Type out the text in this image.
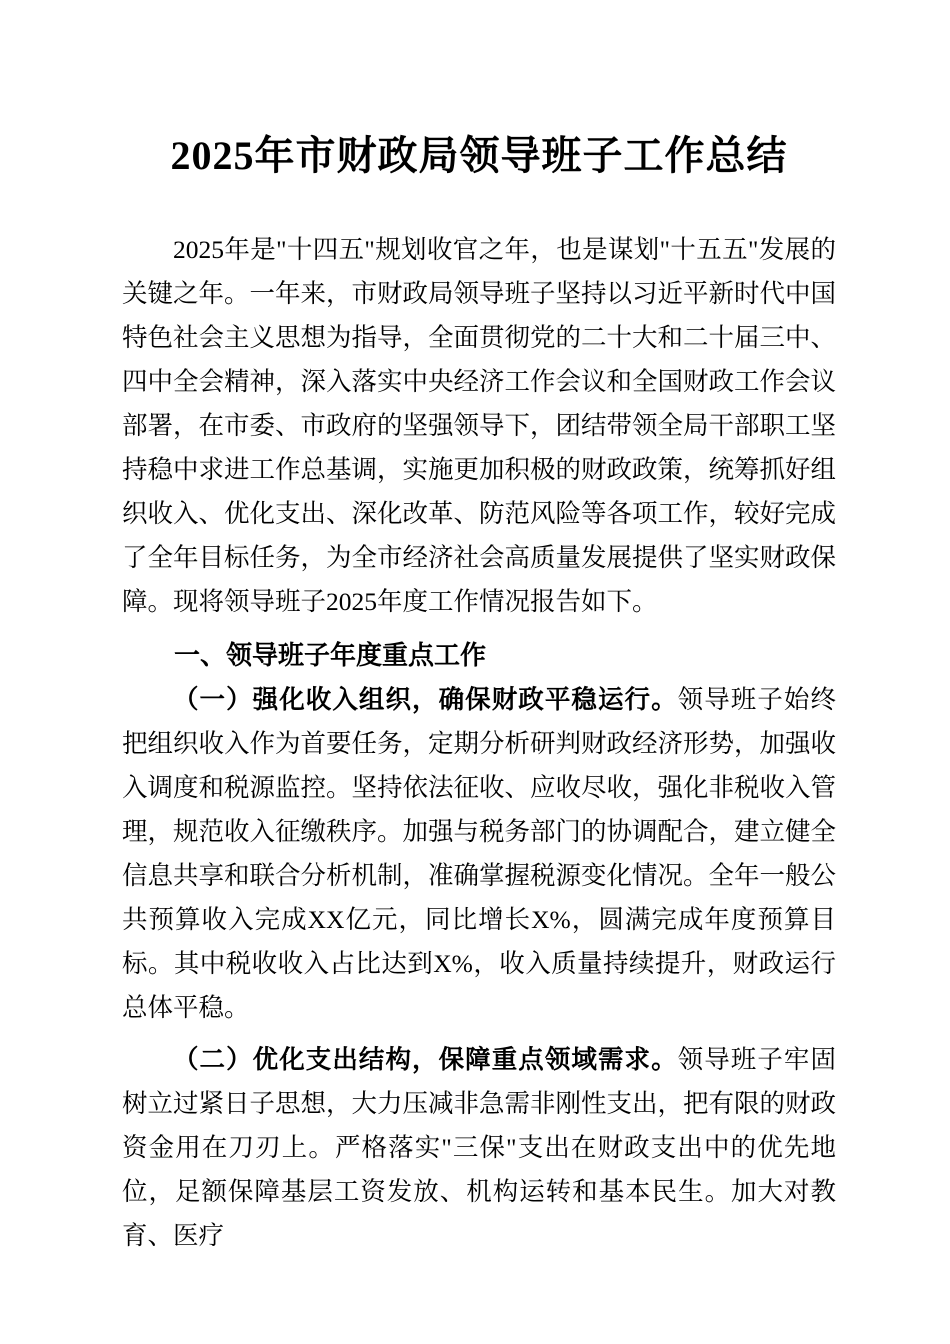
2025年市财政局领导班子工作总结

2025年是"十四五"规划收官之年，也是谋划"十五五"发展的关键之年。一年来，市财政局领导班子坚持以习近平新时代中国特色社会主义思想为指导，全面贯彻党的二十大和二十届三中、四中全会精神，深入落实中央经济工作会议和全国财政工作会议部署，在市委、市政府的坚强领导下，团结带领全局干部职工坚持稳中求进工作总基调，实施更加积极的财政政策，统筹抓好组织收入、优化支出、深化改革、防范风险等各项工作，较好完成了全年目标任务，为全市经济社会高质量发展提供了坚实财政保障。现将领导班子2025年度工作情况报告如下。

一、领导班子年度重点工作

（一）强化收入组织，确保财政平稳运行。领导班子始终把组织收入作为首要任务，定期分析研判财政经济形势，加强收入调度和税源监控。坚持依法征收、应收尽收，强化非税收入管理，规范收入征缴秩序。加强与税务部门的协调配合，建立健全信息共享和联合分析机制，准确掌握税源变化情况。全年一般公共预算收入完成XX亿元，同比增长X%，圆满完成年度预算目标。其中税收收入占比达到X%，收入质量持续提升，财政运行总体平稳。

（二）优化支出结构，保障重点领域需求。领导班子牢固树立过紧日子思想，大力压减非急需非刚性支出，把有限的财政资金用在刀刃上。严格落实"三保"支出在财政支出中的优先地位，足额保障基层工资发放、机构运转和基本民生。加大对教育、医疗
